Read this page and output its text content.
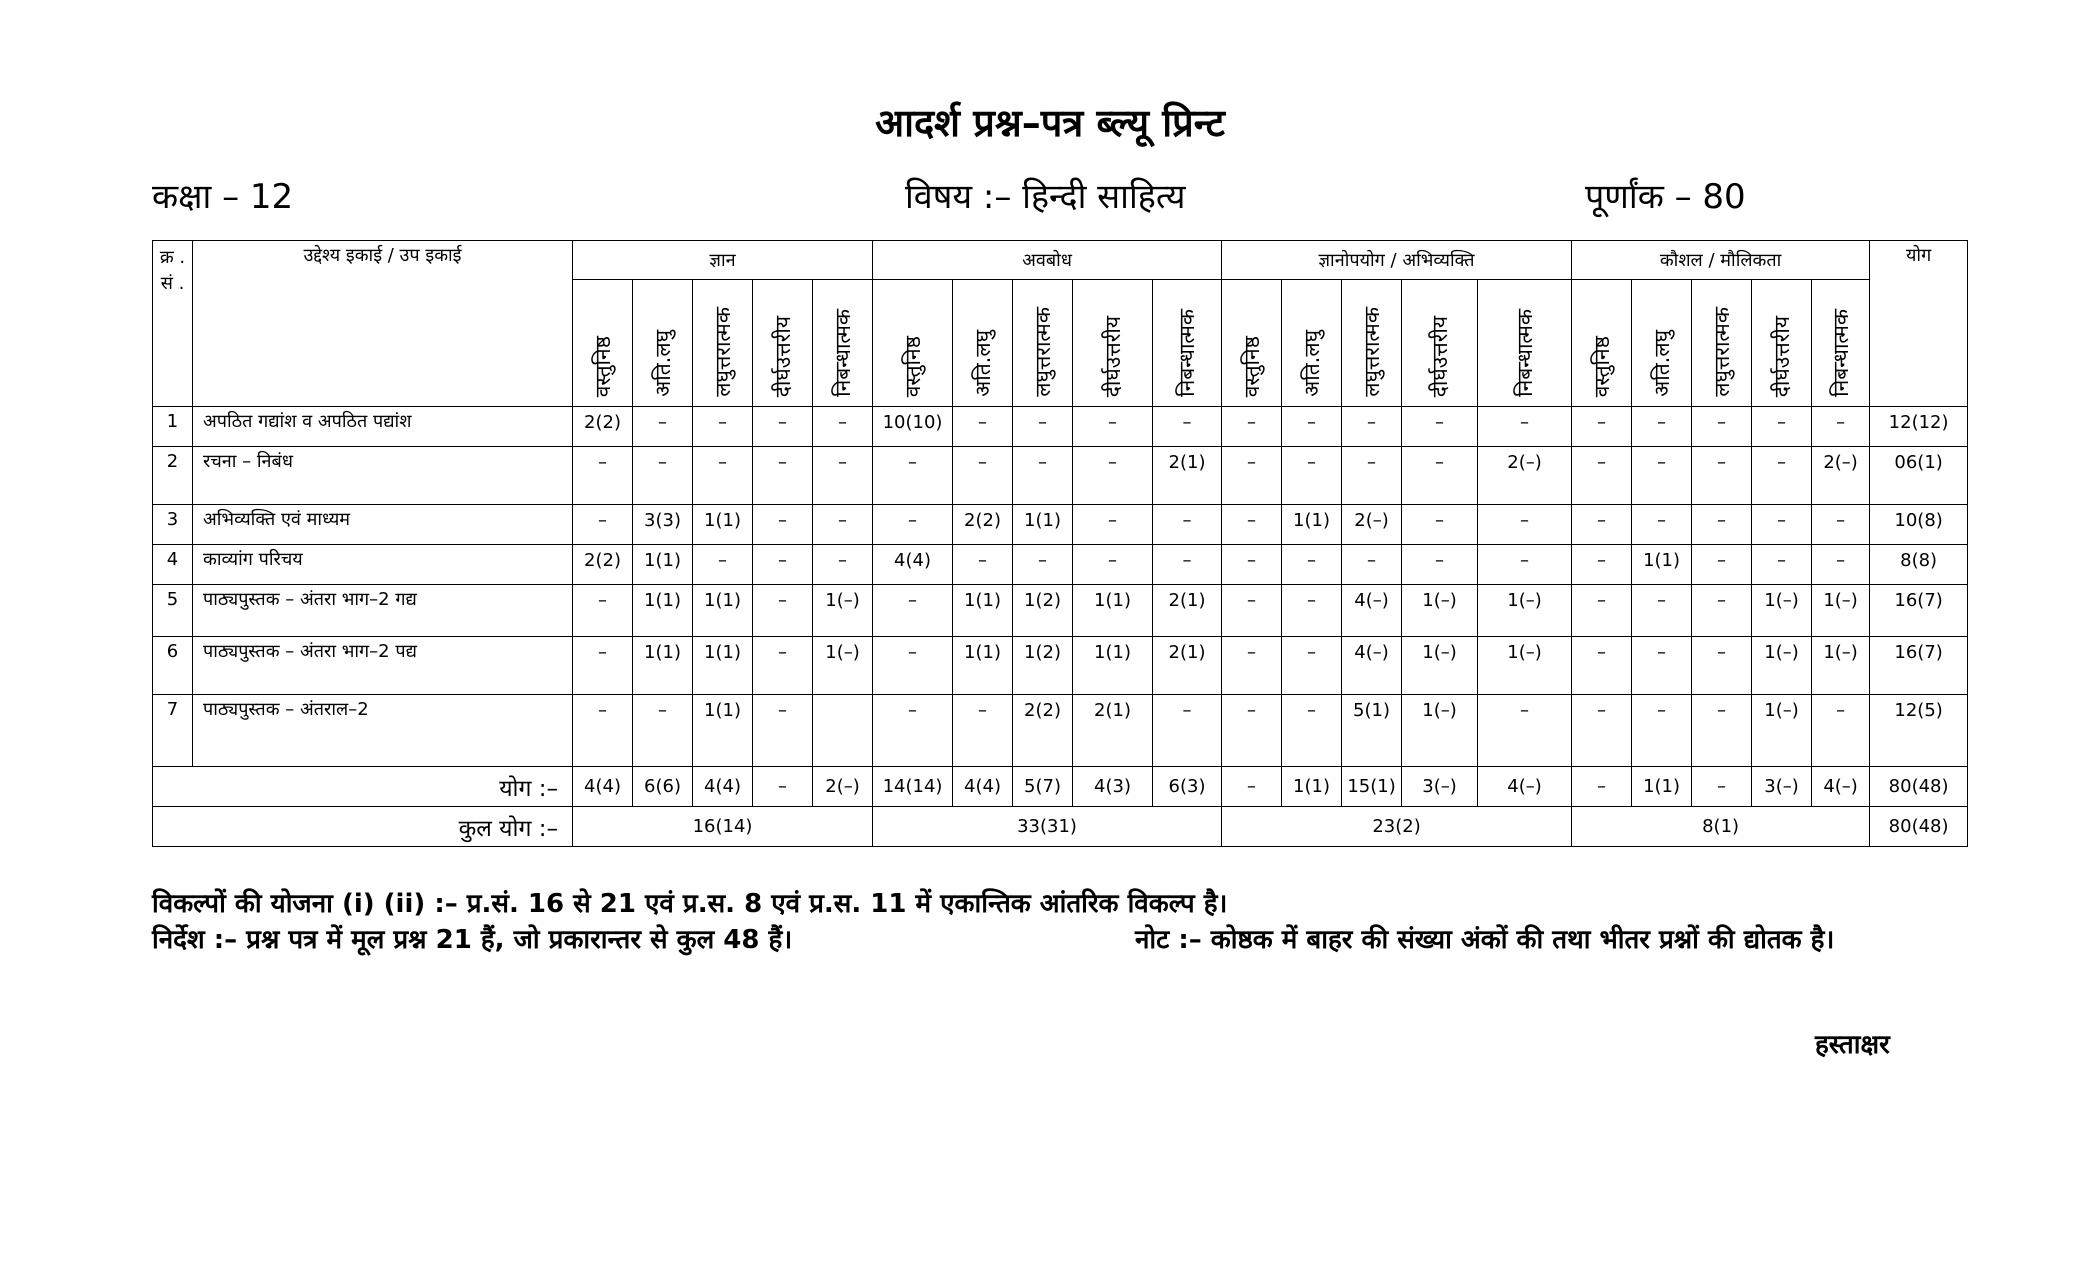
आदर्श प्रश्न–पत्र ब्ल्यू प्रिन्ट
कक्षा – 12	विषय :– हिन्दी साहित्य	पूर्णांक – 80
क्र . सं .	उद्देश्य इकाई / उप इकाई	ज्ञान					अवबोध					ज्ञानोपयोग / अभिव्यक्ति					कौशल / मौलिकता					योग
		वस्तुनिष्ठ	अति.लघु	लघुत्तरात्मक	दीर्घउत्तरीय	निबन्धात्मक	वस्तुनिष्ठ	अति.लघु	लघुत्तरात्मक	दीर्घउत्तरीय	निबन्धात्मक	वस्तुनिष्ठ	अति.लघु	लघुत्तरात्मक	दीर्घउत्तरीय	निबन्धात्मक	वस्तुनिष्ठ	अति.लघु	लघुत्तरात्मक	दीर्घउत्तरीय	निबन्धात्मक	
1	अपठित गद्यांश व अपठित पद्यांश	2(2)	–	–	–	–	10(10)	–	–	–	–	–	–	–	–	–	–	–	–	–	–	12(12)
2	रचना – निबंध	–	–	–	–	–	–	–	–	–	2(1)	–	–	–	–	2(–)	–	–	–	–	2(–)	06(1)
3	अभिव्यक्ति एवं माध्यम	–	3(3)	1(1)	–	–	–	2(2)	1(1)	–	–	–	1(1)	2(–)	–	–	–	–	–	–	–	10(8)
4	काव्यांग परिचय	2(2)	1(1)	–	–	–	4(4)	–	–	–	–	–	–	–	–	–	–	1(1)	–	–	–	8(8)
5	पाठ्यपुस्तक – अंतरा भाग–2 गद्य	–	1(1)	1(1)	–	1(–)	–	1(1)	1(2)	1(1)	2(1)	–	–	4(–)	1(–)	1(–)	–	–	–	1(–)	1(–)	16(7)
6	पाठ्यपुस्तक – अंतरा भाग–2 पद्य	–	1(1)	1(1)	–	1(–)	–	1(1)	1(2)	1(1)	2(1)	–	–	4(–)	1(–)	1(–)	–	–	–	1(–)	1(–)	16(7)
7	पाठ्यपुस्तक – अंतराल–2	–	–	1(1)	–		–	–	2(2)	2(1)	–	–	–	5(1)	1(–)	–	–	–	–	1(–)	–	12(5)
योग :–		4(4)	6(6)	4(4)	–	2(–)	14(14)	4(4)	5(7)	4(3)	6(3)	–	1(1)	15(1)	3(–)	4(–)	–	1(1)	–	3(–)	4(–)	80(48)
कुल योग :–		16(14)					33(31)					23(2)					8(1)					80(48)
विकल्पों की योजना (i) (ii) :– प्र.सं. 16 से 21 एवं प्र.स. 8 एवं प्र.स. 11 में एकान्तिक आंतरिक विकल्प है।
निर्देश :– प्रश्न पत्र में मूल प्रश्न 21 हैं, जो प्रकारान्तर से कुल 48 हैं।	नोट :– कोष्ठक में बाहर की संख्या अंकों की तथा भीतर प्रश्नों की द्योतक है।
हस्ताक्षर
